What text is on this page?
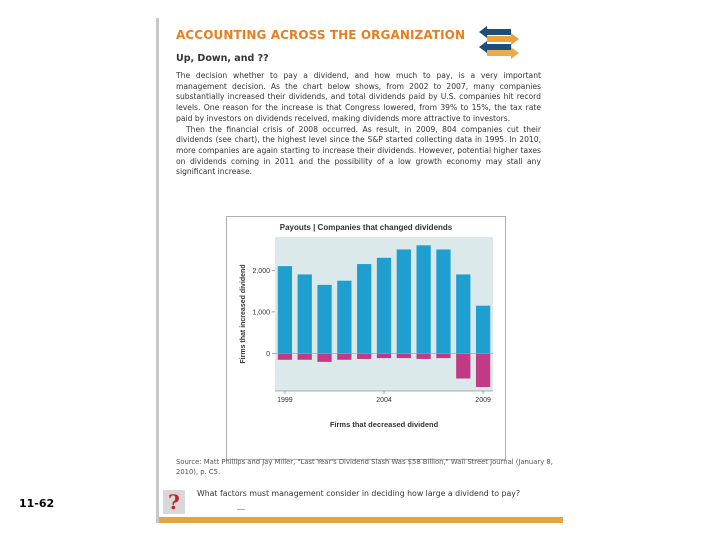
11-62
ACCOUNTING ACROSS THE ORGANIZATION
Up, Down, and ??

The decision whether to pay a dividend, and how much to pay, is a very important management decision. As the chart below shows, from 2002 to 2007, many companies substantially increased their dividends, and total dividends paid by U.S. companies hit record levels. One reason for the increase is that Congress lowered, from 39% to 15%, the tax rate paid by investors on dividends received, making dividends more attractive to investors.

Then the financial crisis of 2008 occurred. As result, in 2009, 804 companies cut their dividends (see chart), the highest level since the S&P started collecting data in 1995. In 2010, more companies are again starting to increase their dividends. However, potential higher taxes on dividends coming in 2011 and the possibility of a low growth economy may stall any significant increase.

Payouts | Companies that changed dividends
Firms that increased dividend
Firms that decreased dividend
2,000
1,000
0
1999	2004	2009
Source: Matt Phillips and Jay Miller, "Last Year's Dividend Slash Was $58 Billion," Wall Street Journal (January 8, 2010), p. C5.
?	What factors must management consider in deciding how large a dividend to pay?
